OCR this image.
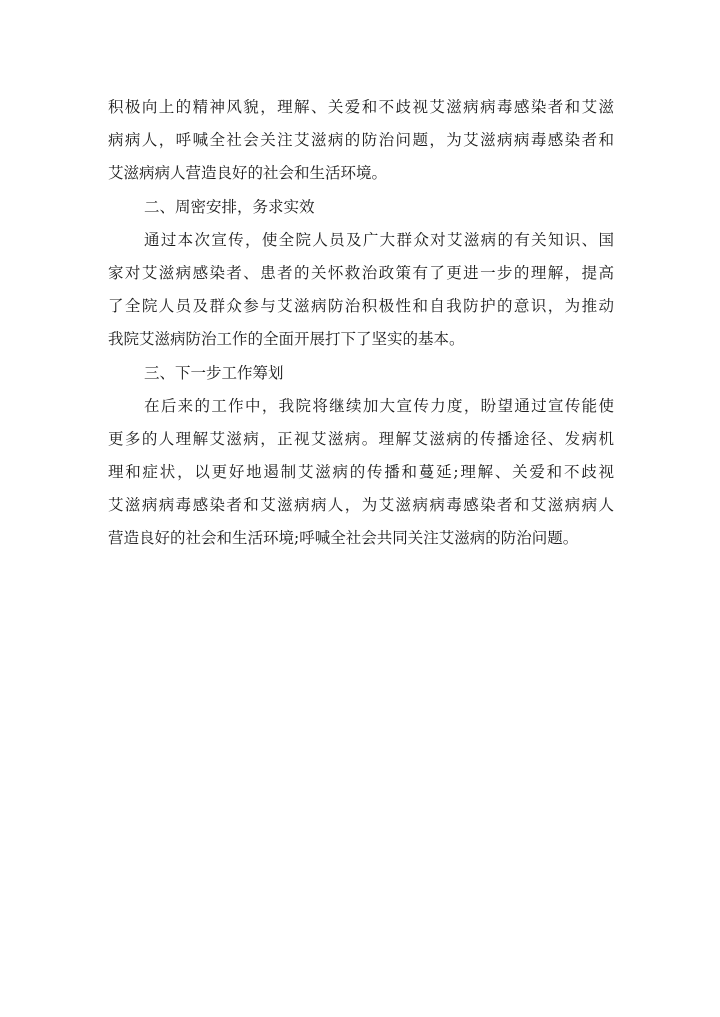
积极向上的精神风貌，理解、关爱和不歧视艾滋病病毒感染者和艾滋
病病人，呼喊全社会关注艾滋病的防治问题，为艾滋病病毒感染者和
艾滋病病人营造良好的社会和生活环境。
二、周密安排，务求实效
通过本次宣传，使全院人员及广大群众对艾滋病的有关知识、国
家对艾滋病感染者、患者的关怀救治政策有了更进一步的理解，提高
了全院人员及群众参与艾滋病防治积极性和自我防护的意识，为推动
我院艾滋病防治工作的全面开展打下了坚实的基本。
三、下一步工作筹划
在后来的工作中，我院将继续加大宣传力度，盼望通过宣传能使
更多的人理解艾滋病，正视艾滋病。理解艾滋病的传播途径、发病机
理和症状，以更好地遏制艾滋病的传播和蔓延;理解、关爱和不歧视
艾滋病病毒感染者和艾滋病病人，为艾滋病病毒感染者和艾滋病病人
营造良好的社会和生活环境;呼喊全社会共同关注艾滋病的防治问题。
